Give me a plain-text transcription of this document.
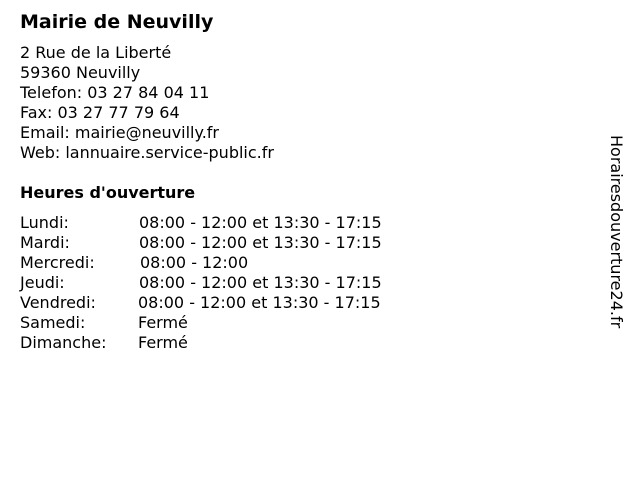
Mairie de Neuvilly
2 Rue de la Liberté
59360 Neuvilly
Telefon: 03 27 84 04 11
Fax: 03 27 77 79 64
Email: mairie@neuvilly.fr
Web: lannuaire.service-public.fr
Heures d'ouverture
Lundi:	08:00 - 12:00 et 13:30 - 17:15
Mardi:	08:00 - 12:00 et 13:30 - 17:15
Mercredi:	08:00 - 12:00
Jeudi:	08:00 - 12:00 et 13:30 - 17:15
Vendredi:	08:00 - 12:00 et 13:30 - 17:15
Samedi:	Fermé
Dimanche: Fermé
Horairesdouverture24.fr
